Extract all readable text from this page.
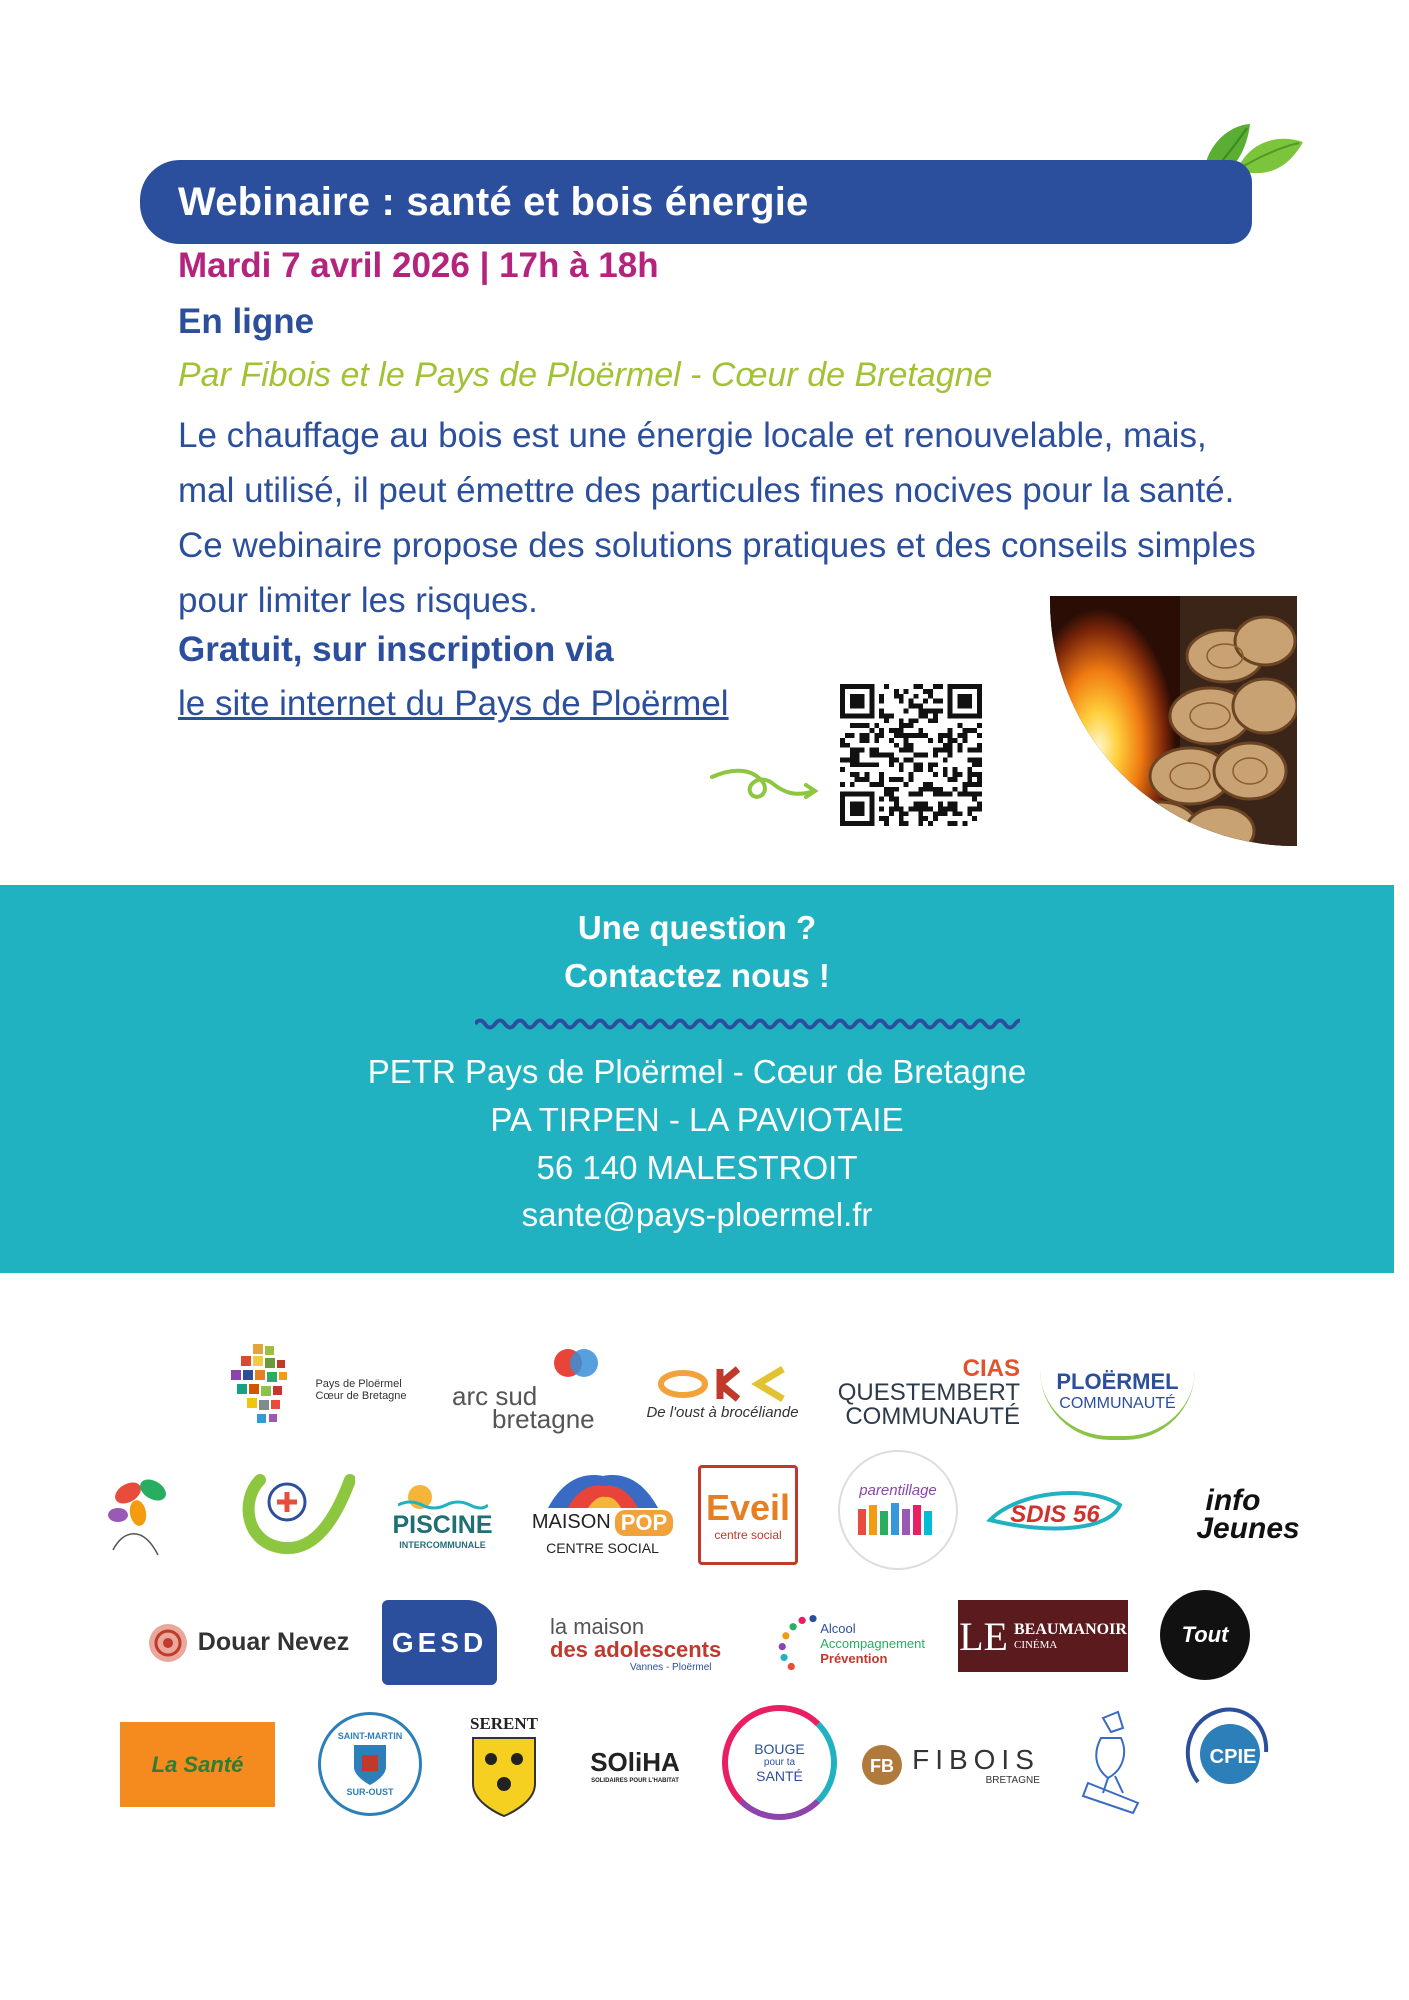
Webinaire : santé et bois énergie
Mardi 7 avril 2026 | 17h à 18h
En ligne
Par Fibois et le Pays de Ploërmel - Cœur de Bretagne
Le chauffage au bois est une énergie locale et renouvelable, mais, mal utilisé, il peut émettre des particules fines nocives pour la santé. Ce webinaire propose des solutions pratiques et des conseils simples pour limiter les risques.
Gratuit, sur inscription via
le site internet du Pays de Ploërmel
Une question ?
Contactez nous !
PETR Pays de Ploërmel - Cœur de Bretagne
PA TIRPEN - LA PAVIOTAIE
56 140 MALESTROIT
sante@pays-ploermel.fr
Pays de Ploërmel
Cœur de Bretagne arc sud
bretagne	De l'oust à brocéliande
CIAS
QUESTEMBERT
COMMUNAUTÉ
PLOËRMEL
COMMUNAUTÉ
PISCINE
INTERCOMMUNALE
MAISON POP
CENTRE SOCIAL
Eveil
centre social
parentillage
SDIS 56	info
Jeunes
Douar Nevez GESD	la maison
des adolescents
Vannes - Ploërmel
Alcool
Accompagnement
Prévention	LE BEAUMANOIR
CINÉMA	Tout
La Santé
SAINT-MARTIN
SUR-OUST
SERENT
SOliHA
SOLIDAIRES POUR L'HABITAT
BOUGE
pour ta
SANTÉ	FB FIBOIS
BRETAGNE
CPIE
